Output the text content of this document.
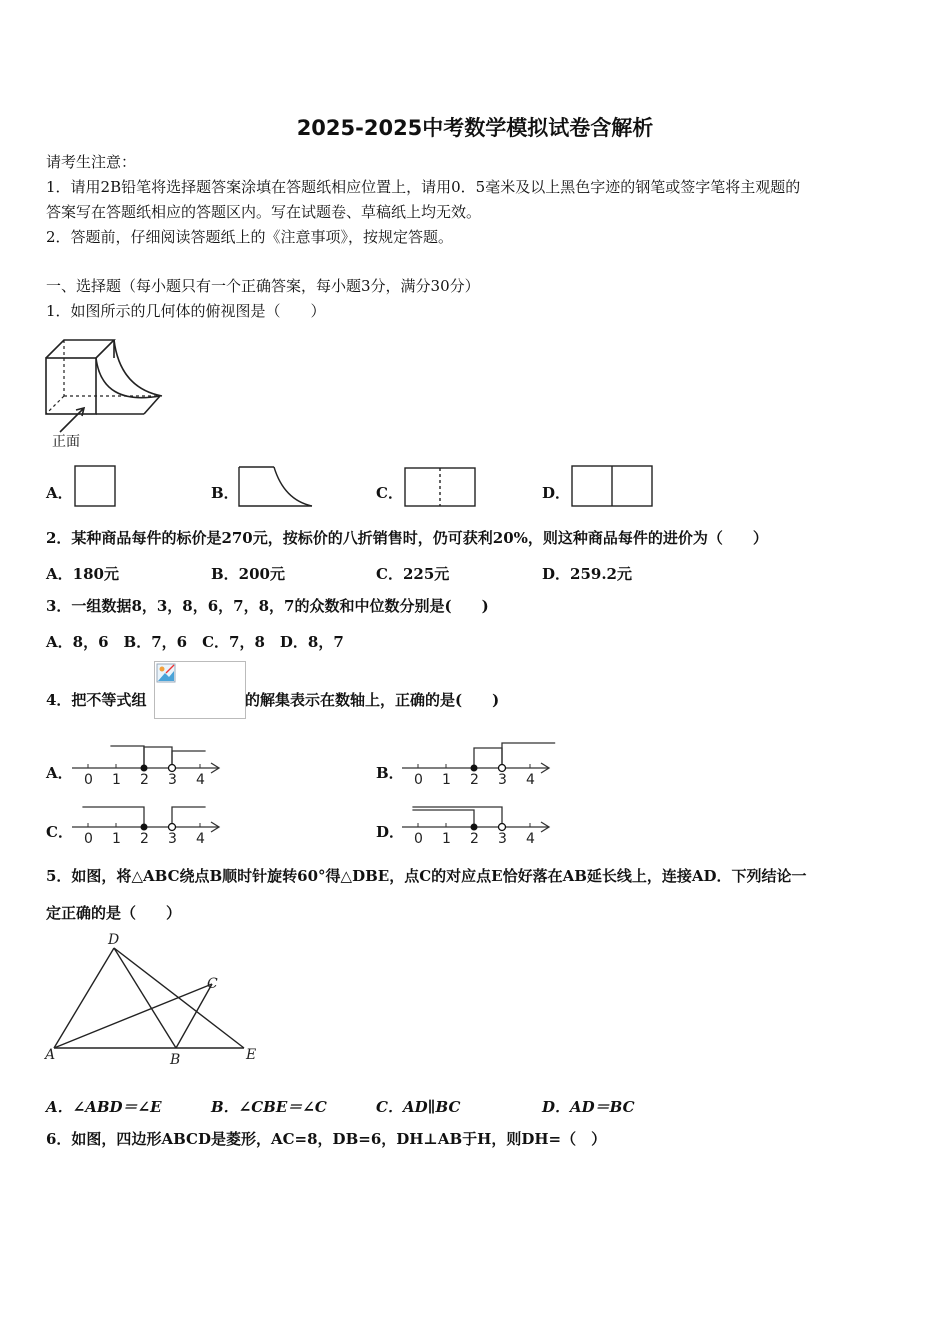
2025-2025中考数学模拟试卷含解析
请考生注意：
1．请用2B铅笔将选择题答案涂填在答题纸相应位置上，请用0．5毫米及以上黑色字迹的钢笔或签字笔将主观题的
答案写在答题纸相应的答题区内。写在试题卷、草稿纸上均无效。
2．答题前，仔细阅读答题纸上的《注意事项》，按规定答题。
一、选择题（每小题只有一个正确答案，每小题3分，满分30分）
1．如图所示的几何体的俯视图是（　　）
正面
A．	B．	C．	D．
2．某种商品每件的标价是270元，按标价的八折销售时，仍可获利20%，则这种商品每件的进价为（　　）
A．180元	B．200元	C．225元	D．259.2元
3．一组数据8，3，8，6，7，8，7的众数和中位数分别是(　　)
A．8，6　B．7，6　C．7，8　D．8，7
4．把不等式组	的解集表示在数轴上，正确的是(　　)
A．	B．
C．	D．
0 1 2 3 4	0 1 2 3 4
0 1 2 3 4	0 1 2 3 4
5．如图，将△ABC绕点B顺时针旋转60°得△DBE，点C的对应点E恰好落在AB延长线上，连接AD．下列结论一
定正确的是（　　）
D
C
A	B	E
A．∠ABD＝∠E	B．∠CBE＝∠C	C．AD∥BC	D．AD＝BC
6．如图，四边形ABCD是菱形，AC=8，DB=6，DH⊥AB于H，则DH=（　）
